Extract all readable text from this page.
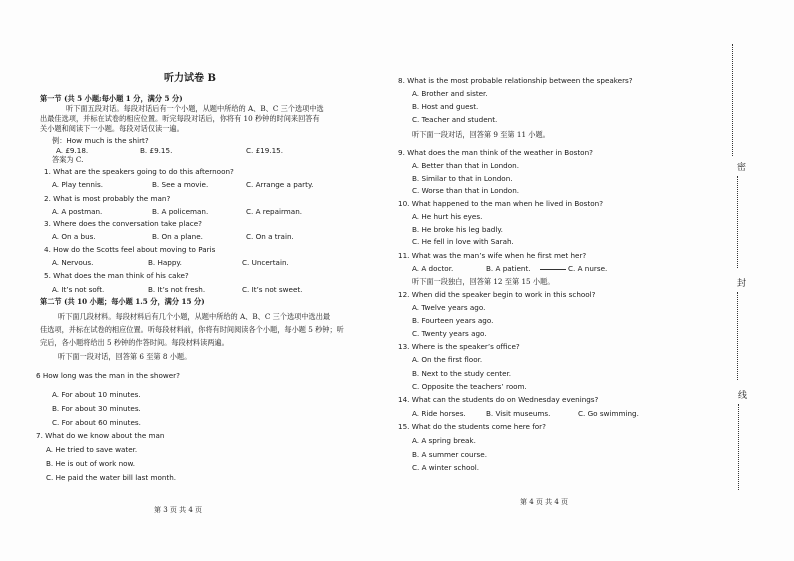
听力试卷 B
第一节 (共 5 小题;每小题 1 分，满分 5 分)
听下面五段对话。每段对话后有一个小题，从题中所给的 A、B、C 三个选项中选
出最佳选项，并标在试卷的相应位置。听完每段对话后，你将有 10 秒钟的时间来回答有
关小题和阅读下一小题。每段对话仅读一遍。
例：How much is the shirt?
A. £9.18.	B. £9.15.	C. £19.15.
答案为 C.
1. What are the speakers going to do this afternoon?
A. Play tennis.	B. See a movie.	C. Arrange a party.
2. What is most probably the man?
A. A postman.	B. A policeman.	C. A repairman.
3. Where does the conversation take place?
A. On a bus.	B. On a plane.	C. On a train.
4. How do the Scotts feel about moving to Paris
A. Nervous.	B. Happy.	C. Uncertain.
5. What does the man think of his cake?
A. It’s not soft.	B. It’s not fresh.	C. It’s not sweet.
第二节 (共 10 小题；每小题 1.5 分，满分 15 分)
听下面几段材料。每段材料后有几个小题，从题中所给的 A、B、C 三个选项中选出最
佳选项，并标在试卷的相应位置。听每段材料前，你将有时间阅读各个小题，每小题 5 秒钟；听
完后，各小题将给出 5 秒钟的作答时间。每段材料读两遍。
听下面一段对话，回答第 6 至第 8 小题。
6 How long was the man in the shower?
A. For about 10 minutes.
B. For about 30 minutes.
C. For about 60 minutes.
7. What do we know about the man
A. He tried to save water.
B. He is out of work now.
C. He paid the water bill last month.
第 3 页 共 4 页
8. What is the most probable relationship between the speakers?
A. Brother and sister.
B. Host and guest.
C. Teacher and student.
听下面一段对话，回答第 9 至第 11 小题。
9. What does the man think of the weather in Boston?
A. Better than that in London.
B. Similar to that in London.
C. Worse than that in London.
10. What happened to the man when he lived in Boston?
A. He hurt his eyes.
B. He broke his leg badly.
C. He fell in love with Sarah.
11. What was the man’s wife when he first met her?
A. A doctor.	B. A patient.	C. A nurse.
听下面一段独白，回答第 12 至第 15 小题。
12. When did the speaker begin to work in this school?
A. Twelve years ago.
B. Fourteen years ago.
C. Twenty years ago.
13. Where is the speaker’s office?
A. On the first floor.
B. Next to the study center.
C. Opposite the teachers’ room.
14. What can the students do on Wednesday evenings?
A. Ride horses.	B. Visit museums.	C. Go swimming.
15. What do the students come here for?
A. A spring break.
B. A summer course.
C. A winter school.
第 4 页 共 4 页
密
封
线
